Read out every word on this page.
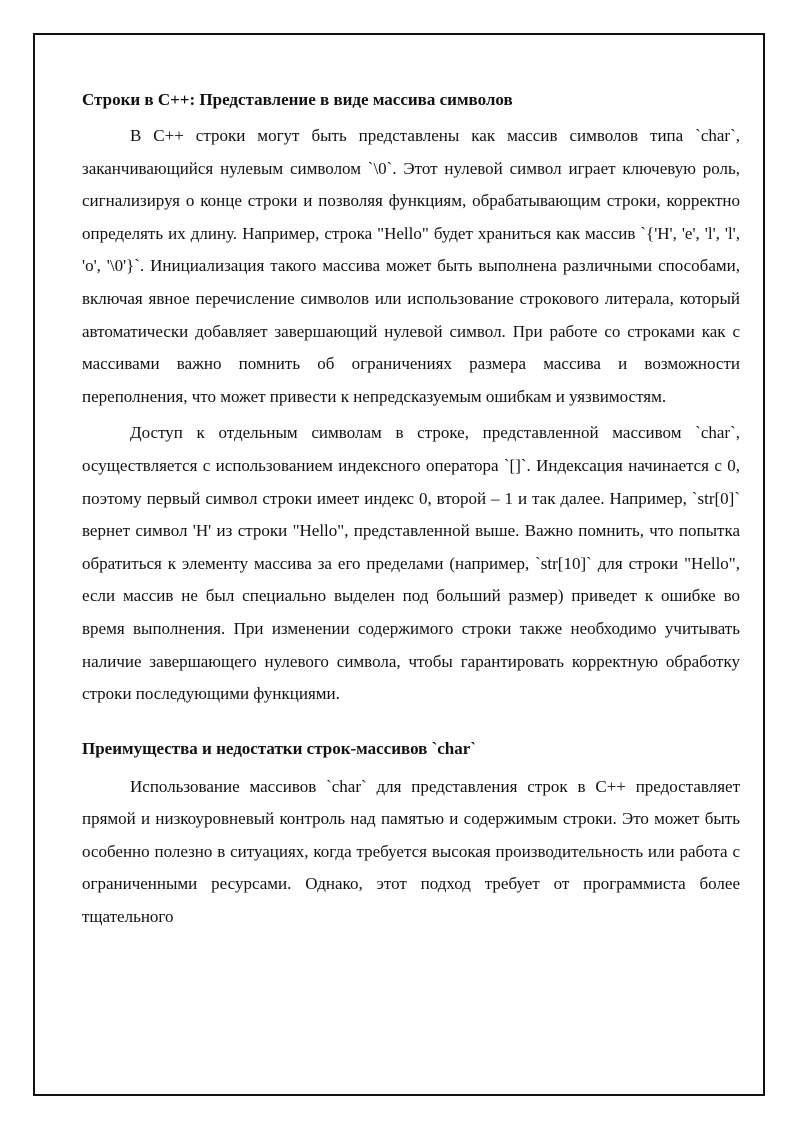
Строки в С++: Представление в виде массива символов

В С++ строки могут быть представлены как массив символов типа `char`, заканчивающийся нулевым символом `\0`. Этот нулевой символ играет ключевую роль, сигнализируя о конце строки и позволяя функциям, обрабатывающим строки, корректно определять их длину. Например, строка "Hello" будет храниться как массив `{'H', 'e', 'l', 'l', 'o', '\0'}`. Инициализация такого массива может быть выполнена различными способами, включая явное перечисление символов или использование строкового литерала, который автоматически добавляет завершающий нулевой символ. При работе со строками как с массивами важно помнить об ограничениях размера массива и возможности переполнения, что может привести к непредсказуемым ошибкам и уязвимостям.

Доступ к отдельным символам в строке, представленной массивом `char`, осуществляется с использованием индексного оператора `[]`. Индексация начинается с 0, поэтому первый символ строки имеет индекс 0, второй – 1 и так далее. Например, `str[0]` вернет символ 'H' из строки "Hello", представленной выше. Важно помнить, что попытка обратиться к элементу массива за его пределами (например, `str[10]` для строки "Hello", если массив не был специально выделен под больший размер) приведет к ошибке во время выполнения. При изменении содержимого строки также необходимо учитывать наличие завершающего нулевого символа, чтобы гарантировать корректную обработку строки последующими функциями.

Преимущества и недостатки строк-массивов `char`

Использование массивов `char` для представления строк в С++ предоставляет прямой и низкоуровневый контроль над памятью и содержимым строки. Это может быть особенно полезно в ситуациях, когда требуется высокая производительность или работа с ограниченными ресурсами. Однако, этот подход требует от программиста более тщательного
